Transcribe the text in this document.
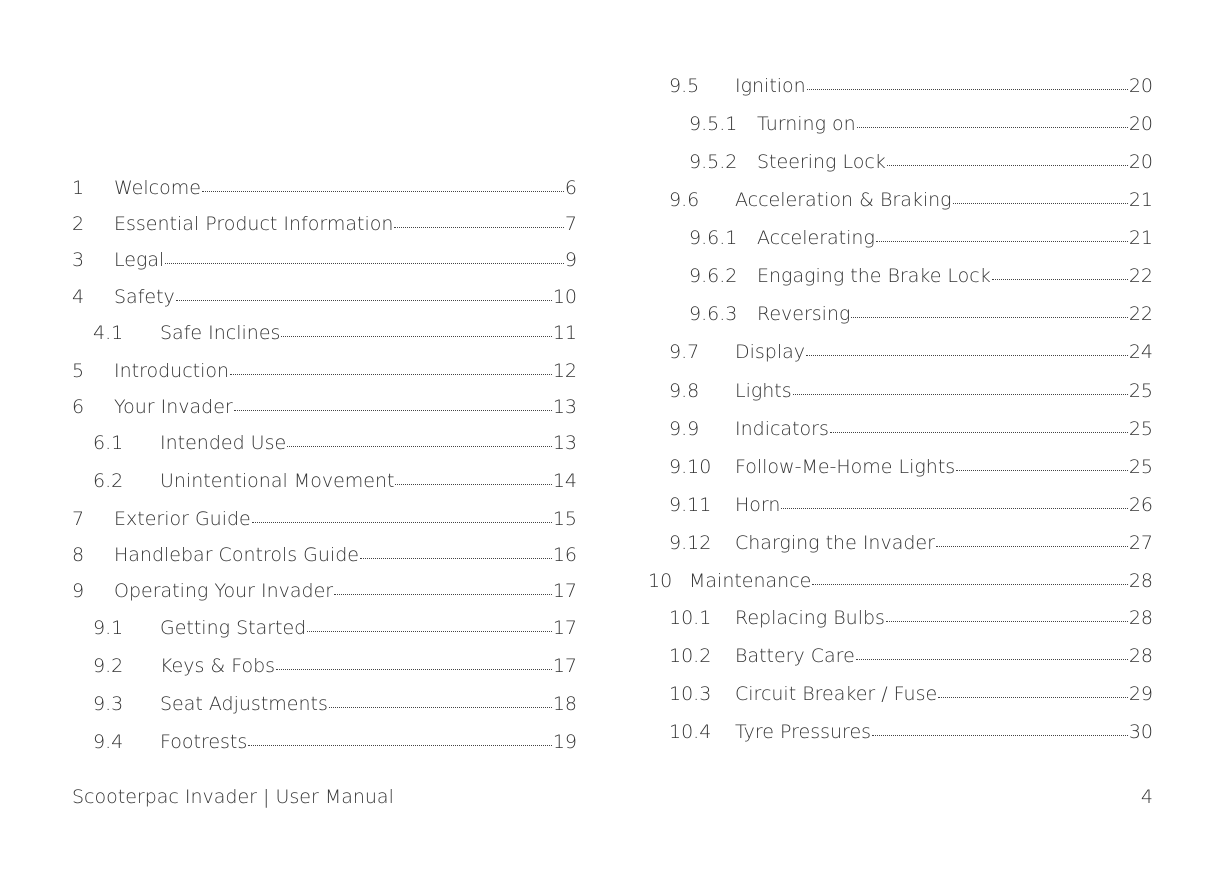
1	Welcome	6
2	Essential Product Information	7
3	Legal	9
4	Safety	10
4.1	Safe Inclines	11
5	Introduction	12
6	Your Invader	13
6.1	Intended Use	13
6.2	Unintentional Movement	14
7	Exterior Guide	15
8	Handlebar Controls Guide	16
9	Operating Your Invader	17
9.1	Getting Started	17
9.2	Keys & Fobs	17
9.3	Seat Adjustments	18
9.4	Footrests	19
9.5	Ignition	20
9.5.1	Turning on	20
9.5.2	Steering Lock	20
9.6	Acceleration & Braking	21
9.6.1	Accelerating	21
9.6.2	Engaging the Brake Lock	22
9.6.3	Reversing	22
9.7	Display	24
9.8	Lights	25
9.9	Indicators	25
9.10	Follow-Me-Home Lights	25
9.11	Horn	26
9.12	Charging the Invader	27
10 Maintenance	28
10.1	Replacing Bulbs	28
10.2	Battery Care	28
10.3	Circuit Breaker / Fuse	29
10.4	Tyre Pressures	30
Scooterpac Invader | User Manual	4
